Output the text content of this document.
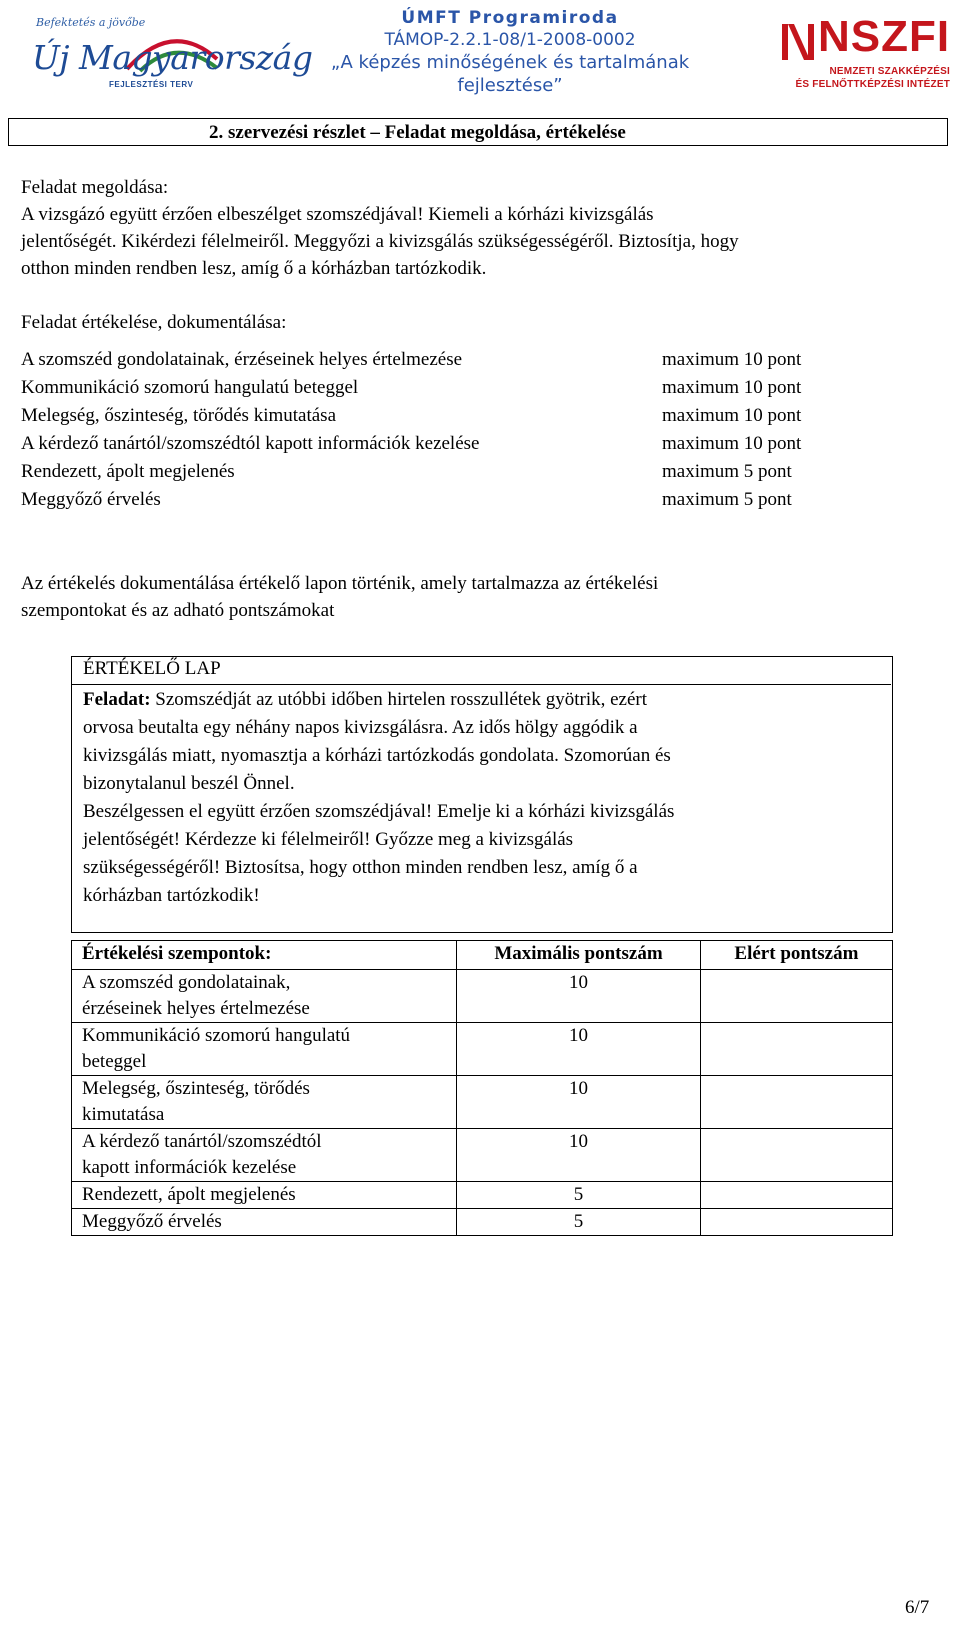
Befektetés a jövőbe
Új Magyarország
FEJLESZTÉSI TERV
ÚMFT Programiroda
TÁMOP-2.2.1-08/1-2008-0002
„A képzés minőségének és tartalmának
fejlesztése”
NSZFI
NEMZETI SZAKKÉPZÉSI
ÉS FELNŐTTKÉPZÉSI INTÉZET
2. szervezési részlet – Feladat megoldása, értékelése
Feladat megoldása:
A vizsgázó együtt érzően elbeszélget szomszédjával! Kiemeli a kórházi kivizsgálás
jelentőségét. Kikérdezi félelmeiről. Meggyőzi a kivizsgálás szükségességéről. Biztosítja, hogy
otthon minden rendben lesz, amíg ő a kórházban tartózkodik.
Feladat értékelése, dokumentálása:
A szomszéd gondolatainak, érzéseinek helyes értelmezése	maximum 10 pont
Kommunikáció szomorú hangulatú beteggel	maximum 10 pont
Melegség, őszinteség, törődés kimutatása	maximum 10 pont
A kérdező tanártól/szomszédtól kapott információk kezelése	maximum 10 pont
Rendezett, ápolt megjelenés	maximum 5 pont
Meggyőző érvelés	maximum 5 pont
Az értékelés dokumentálása értékelő lapon történik, amely tartalmazza az értékelési
szempontokat és az adható pontszámokat
ÉRTÉKELŐ LAP
Feladat: Szomszédját az utóbbi időben hirtelen rosszullétek gyötrik, ezért
orvosa beutalta egy néhány napos kivizsgálásra. Az idős hölgy aggódik a
kivizsgálás miatt, nyomasztja a kórházi tartózkodás gondolata. Szomorúan és
bizonytalanul beszél Önnel.
Beszélgessen el együtt érzően szomszédjával! Emelje ki a kórházi kivizsgálás
jelentőségét! Kérdezze ki félelmeiről! Győzze meg a kivizsgálás
szükségességéről! Biztosítsa, hogy otthon minden rendben lesz, amíg ő a
kórházban tartózkodik!
Értékelési szempontok:	Maximális pontszám	Elért pontszám

A szomszéd gondolatainak,
érzéseinek helyes értelmezése	10	

Kommunikáció szomorú hangulatú
beteggel	10	

Melegség, őszinteség, törődés
kimutatása	10	

A kérdező tanártól/szomszédtól
kapott információk kezelése	10	
Rendezett, ápolt megjelenés	5	
Meggyőző érvelés	5	
6/7
